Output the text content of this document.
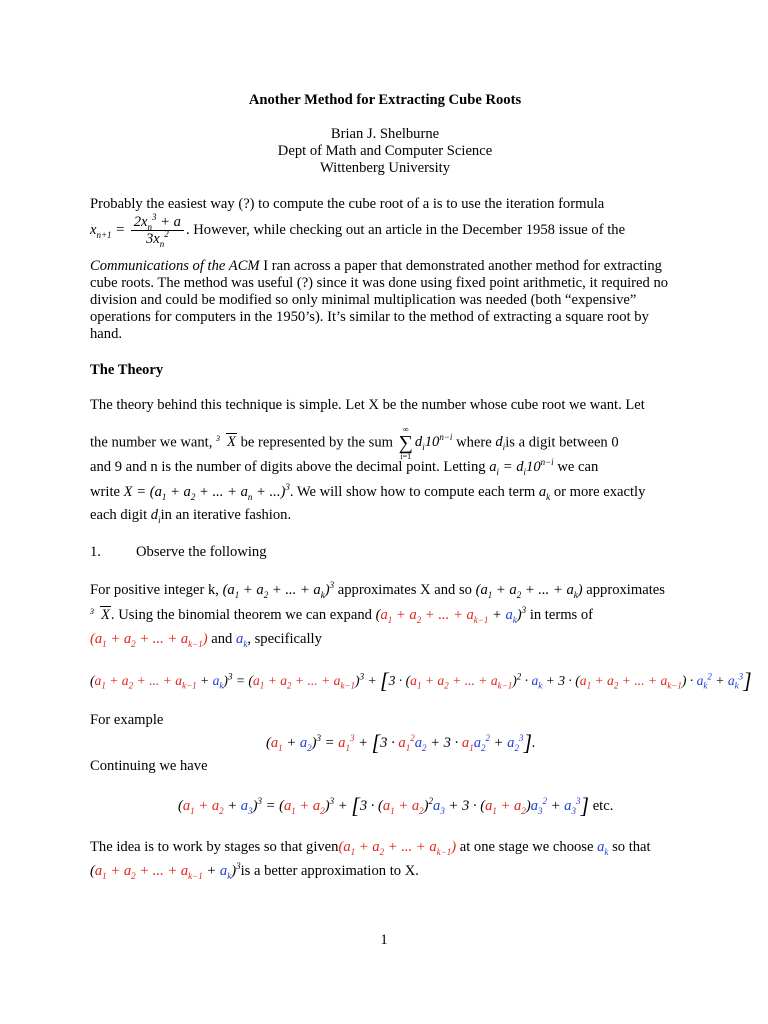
Another Method for Extracting Cube Roots
Brian J. Shelburne
Dept of Math and Computer Science
Wittenberg University
Probably the easiest way (?) to compute the cube root of a is to use the iteration formula
$x_{n+1} = \frac{2x_n^3 + a}{3x_n^2}$ . However, while checking out an article in the December 1958 issue of the
Communications of the ACM I ran across a paper that demonstrated another method for extracting cube roots. The method was useful (?) since it was done using fixed point arithmetic, it required no division and could be modified so only minimal multiplication was needed (both “expensive” operations for computers in the 1950’s). It’s similar to the method of extracting a square root by hand.
The Theory
The theory behind this technique is simple. Let X be the number whose cube root we want. Let
the number we want, 3 X be represented by the sum
∞
∑
i=1
$d_i10^{n-i}$ where $d_iis$ a digit between 0
and 9 and n is the number of digits above the decimal point. Letting $a_i = d_i10^{n-i}$ we can
write $X = (a_1 + a_2$ + ... + $a_n + ...)^3$. We will show how to compute each term $a_k$ or more exactly
each digit $d_iin$ an iterative fashion.
1. Observe the following
For positive integer k, ($a_1 + a_2$ + ... + $a_k)^3$ approximates X and so ($a_1 + a_2$ + ... + $a_k$) approximates
3 X. Using the binomial theorem we can expand ($a_1 + a_2$ + ... + $a_{k-1} + a_k)^3$ in terms of
($a_1 + a_2$ + ... + $a_{k-1}$) and $a_k$, specifically
($a_1 + a_2$ + ... + $a_{k-1} + a_k)^3 = (a_1 + a_2$ + ... + $a_{k-1})^3 + [3 \cdot (a_1 + a_2$ + ... + $a_{k-1})^2 \cdot a_k + 3 \cdot (a_1 + a_2$ + ... + $a_{k-1}) \cdot a_k^2 + a_k^3$]
For example
$(a_1 + a_2)^3 = a_1^3 + [3 \cdot a_1^2a_2 + 3 \cdot a_1a_2^2 + a_2^3]$.
Continuing we have
$(a_1 + a_2 + a_3)^3 = (a_1 + a_2)^3 + [3 \cdot (a_1 + a_2)^2a_3 + 3 \cdot (a_1 + a_2)a_3^2 + a_3^3]$ etc.
The idea is to work by stages so that $given(a_1 + a_2$ + ... + $a_{k-1}$) at one stage we choose $a_k$ so that
($a_1 + a_2$ + ... + $a_{k-1} + a_k)^3is$ a better approximation to X.
1
